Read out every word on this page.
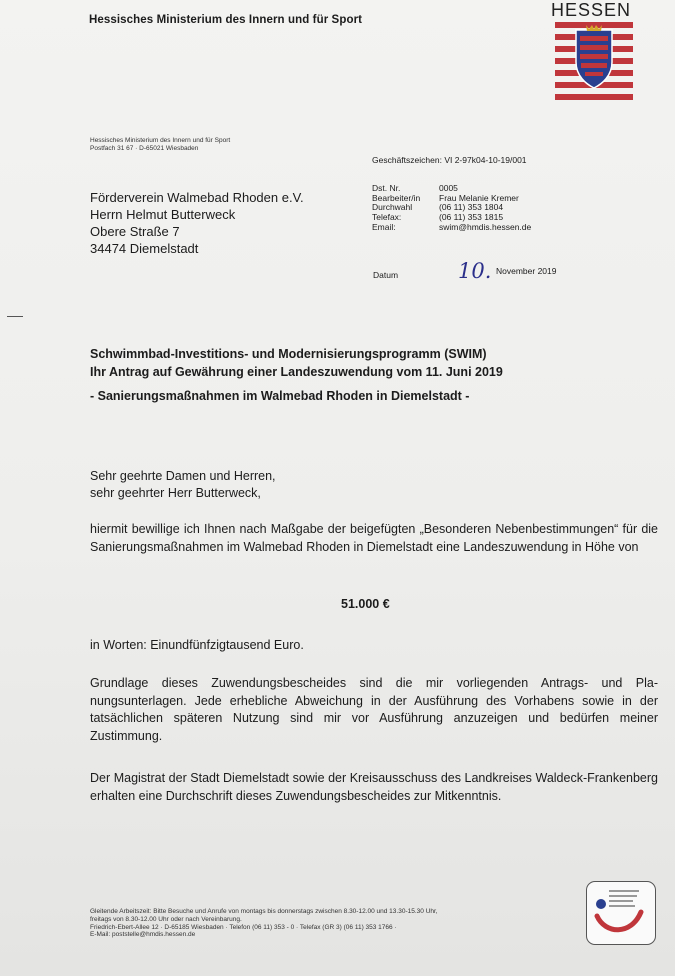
Hessisches Ministerium des Innern und für Sport	HESSEN
Hessisches Ministerium des Innern und für Sport
Postfach 31 67 · D-65021 Wiesbaden
Geschäftszeichen: VI 2-97k04-10-19/001
Förderverein Walmebad Rhoden e.V.
Herrn Helmut Butterweck
Obere Straße 7
34474 Diemelstadt
Dst. Nr.	0005
Bearbeiter/in Frau Melanie Kremer
Durchwahl	(06 11) 353 1804
Telefax:	(06 11) 353 1815
Email:	swim@hmdis.hessen.de
Datum	10. November 2019
Schwimmbad-Investitions- und Modernisierungsprogramm (SWIM)
Ihr Antrag auf Gewährung einer Landeszuwendung vom 11. Juni 2019
- Sanierungsmaßnahmen im Walmebad Rhoden in Diemelstadt -
Sehr geehrte Damen und Herren,
sehr geehrter Herr Butterweck,
hiermit bewillige ich Ihnen nach Maßgabe der beigefügten „Besonderen Nebenbestimmungen“ für die Sanierungsmaßnahmen im Walmebad Rhoden in Diemelstadt eine Landeszuwendung in Höhe von
51.000 €
in Worten: Einundfünfzigtausend Euro.
Grundlage dieses Zuwendungsbescheides sind die mir vorliegenden Antrags- und Planungsunterlagen. Jede erhebliche Abweichung in der Ausführung des Vorhabens sowie in der tatsächlichen späteren Nutzung sind mir vor Ausführung anzuzeigen und bedürfen meiner Zustimmung.
Der Magistrat der Stadt Diemelstadt sowie der Kreisausschuss des Landkreises Waldeck-Frankenberg erhalten eine Durchschrift dieses Zuwendungsbescheides zur Mitkenntnis.
Gleitende Arbeitszeit: Bitte Besuche und Anrufe von montags bis donnerstags zwischen 8.30-12.00 und 13.30-15.30 Uhr,
freitags von 8.30-12.00 Uhr oder nach Vereinbarung.
Friedrich-Ebert-Allee 12 · D-65185 Wiesbaden · Telefon (06 11) 353 - 0 · Telefax (GR 3) (06 11) 353 1766 ·
E-Mail: poststelle@hmdis.hessen.de
